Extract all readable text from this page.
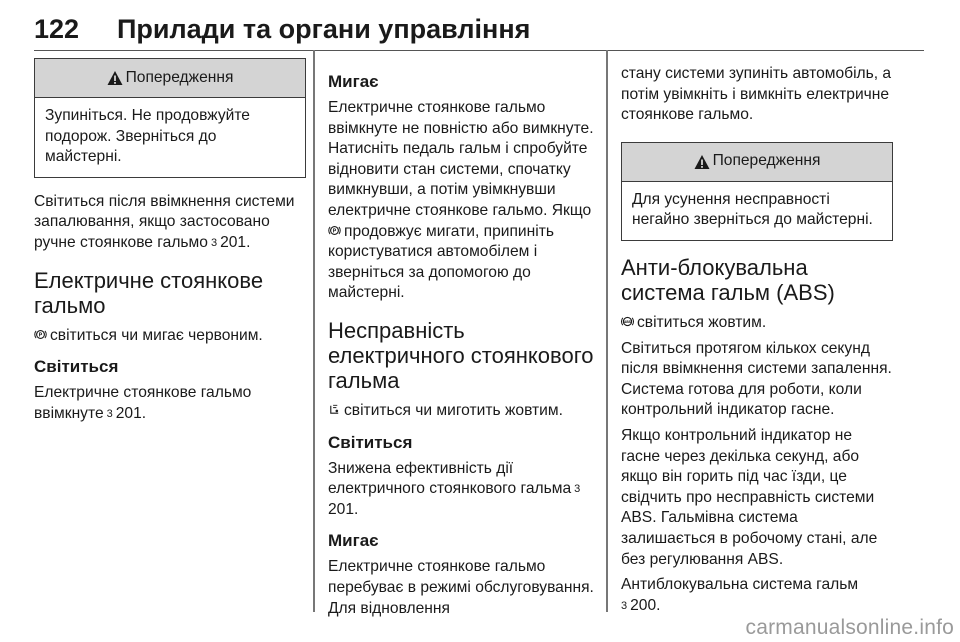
122 Прилади та органи управління
Попередження
Зупиніться. Не продовжуйте подорож. Зверніться до майстерні.

Світиться після ввімкнення системи запалювання, якщо застосовано ручне стоянкове гальмо 3 201.

Електричне стоянкове гальмо

P світиться чи мигає червоним.

Світиться

Електричне стоянкове гальмо ввімкнуте 3 201.

Мигає

Електричне стоянкове гальмо ввімкнуте не повністю або вимкнуте. Натисніть педаль гальм і спробуйте відновити стан системи, спочатку вимкнувши, а потім увімкнувши електричне стоянкове гальмо. Якщо
P продовжує мигати, припиніть користуватися автомобілем і зверніться за допомогою до майстерні.

Несправність електричного стоянкового гальма

світиться чи миготить жовтим.

Світиться

Знижена ефективність дії електричного стоянкового гальма 3201.

Мигає

Електричне стоянкове гальмо перебуває в режимі обслуговування. Для відновлення

стану системи зупиніть автомобіль, а потім увімкніть і вимкніть електричне стоянкове гальмо.

Попередження
Для усунення несправності негайно зверніться до майстерні.
Анти-блокувальна система гальм (ABS)

ABS світиться жовтим.

Світиться протягом кількох секунд після ввімкнення системи запалення. Система готова для роботи, коли контрольний індикатор гасне.

Якщо контрольний індикатор не гасне через декілька секунд, або якщо він горить під час їзди, це свідчить про несправність системи ABS. Гальмівна система залишається в робочому стані, але без регулювання ABS.

Антиблокувальна система гальм
3 200.

carmanualsonline.info
